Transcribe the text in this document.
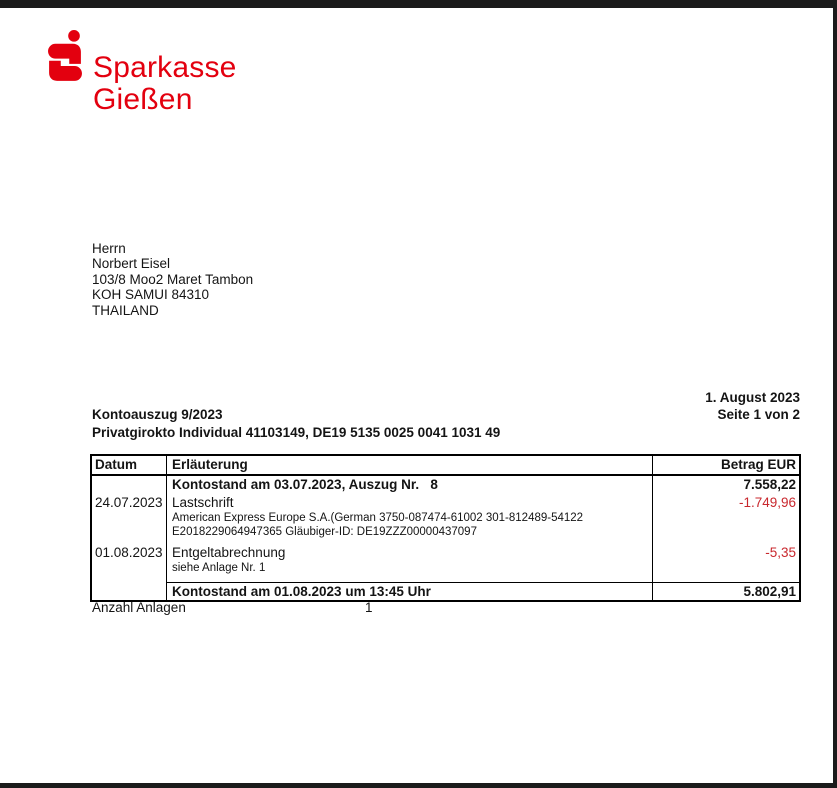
Sparkasse
Gießen
Herrn
Norbert Eisel
103/8 Moo2 Maret Tambon
KOH SAMUI 84310
THAILAND
1. August 2023
Seite 1 von 2
Kontoauszug 9/2023
Privatgirokto Individual 41103149, DE19 5135 0025 0041 1031 49
Datum	Erläuterung	Betrag EUR
Kontostand am 03.07.2023, Auszug Nr.   8	7.558,22
24.07.2023 Lastschrift	-1.749,96
American Express Europe S.A.(German 3750-087474-61002 301-812489-54122
E2018229064947365 Gläubiger-ID: DE19ZZZ00000437097
01.08.2023 Entgeltabrechnung	-5,35
siehe Anlage Nr. 1
Kontostand am 01.08.2023 um 13:45 Uhr	5.802,91
Anzahl Anlagen	1
